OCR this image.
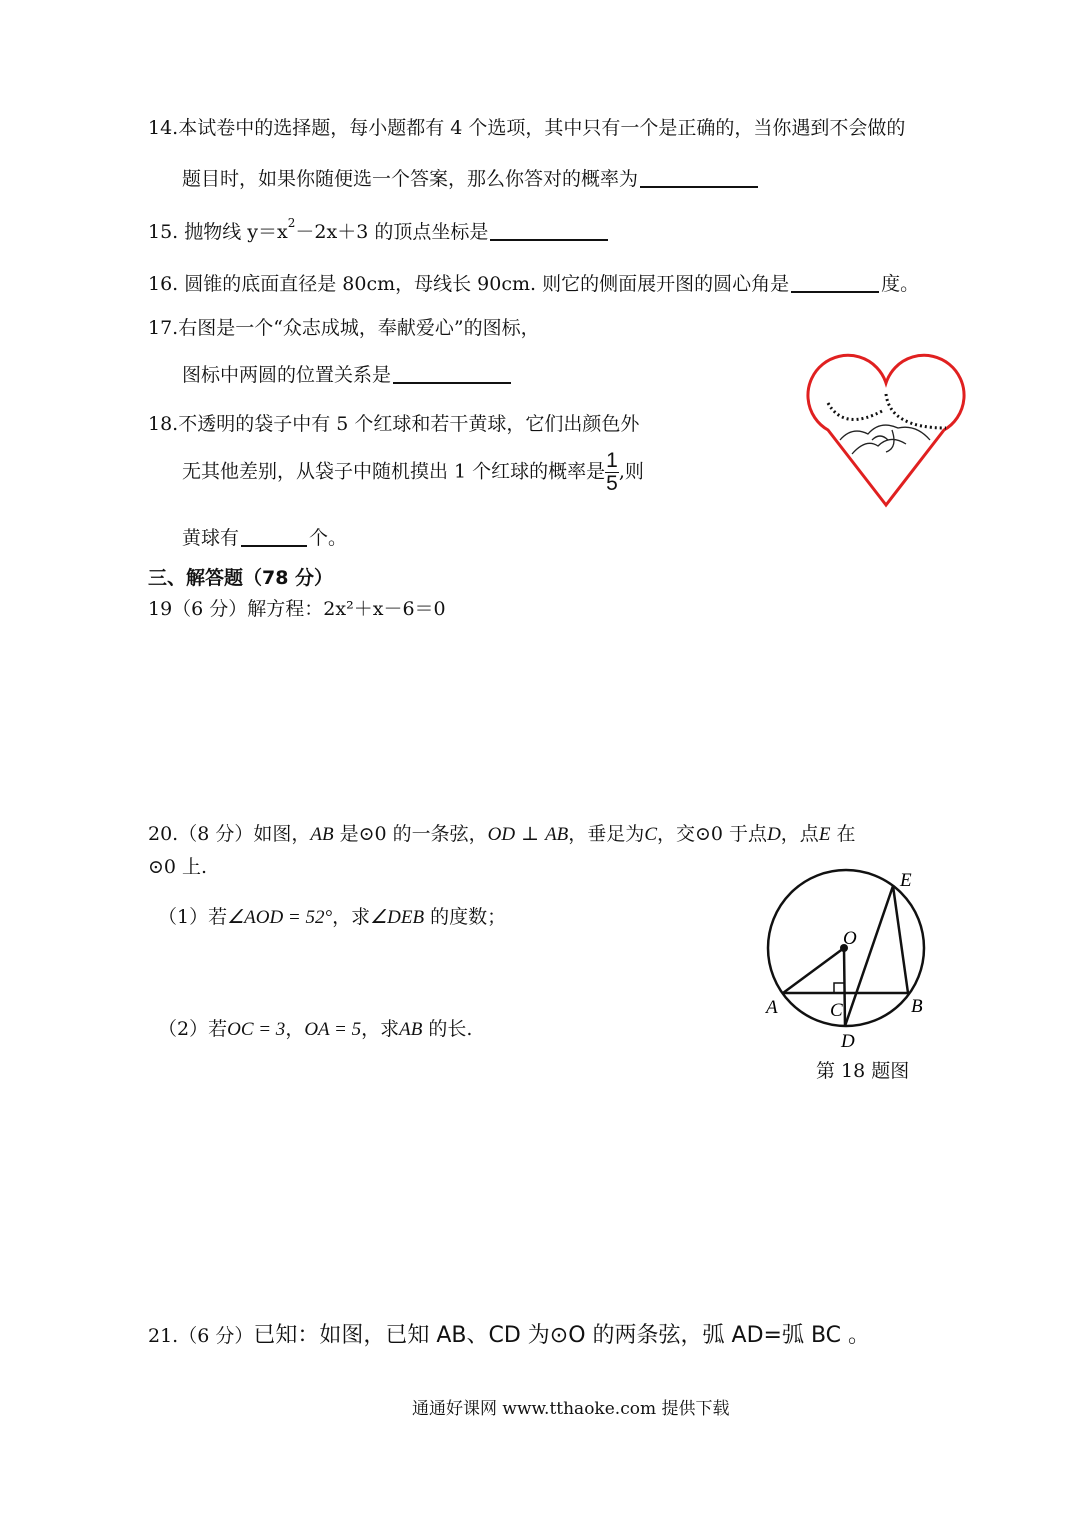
14.本试卷中的选择题，每小题都有 4 个选项，其中只有一个是正确的，当你遇到不会做的
题目时，如果你随便选一个答案，那么你答对的概率为
15. 抛物线 $y=x^2-2x+3$ 的顶点坐标是
16. 圆锥的底面直径是 80cm，母线长 90cm. 则它的侧面展开图的圆心角是	度。
17.右图是一个“众志成城，奉献爱心”的图标，
图标中两圆的位置关系是
18.不透明的袋子中有 5 个红球和若干黄球，它们出颜色外
无其他差别，从袋子中随机摸出 1 个红球的概率是 $\frac{1}{5}$ ,则
黄球有	个。
三、解答题（78 分）
19（6 分）解方程：2x²＋x－6＝0
20.（8 分）如图，AB 是⊙0 的一条弦，OD ⊥ AB，垂足为C，交⊙0 于点D，点E 在
⊙0 上.
（1）若∠AOD = 52°，求∠DEB 的度数；
（2）若OC = 3，OA = 5，求AB 的长.
E
O
A	C	B
D
第 18 题图
21.（6 分）已知：如图，已知 AB、CD 为⊙O 的两条弦，弧 AD=弧 BC 。
通通好课网 www.tthaoke.com 提供下载
